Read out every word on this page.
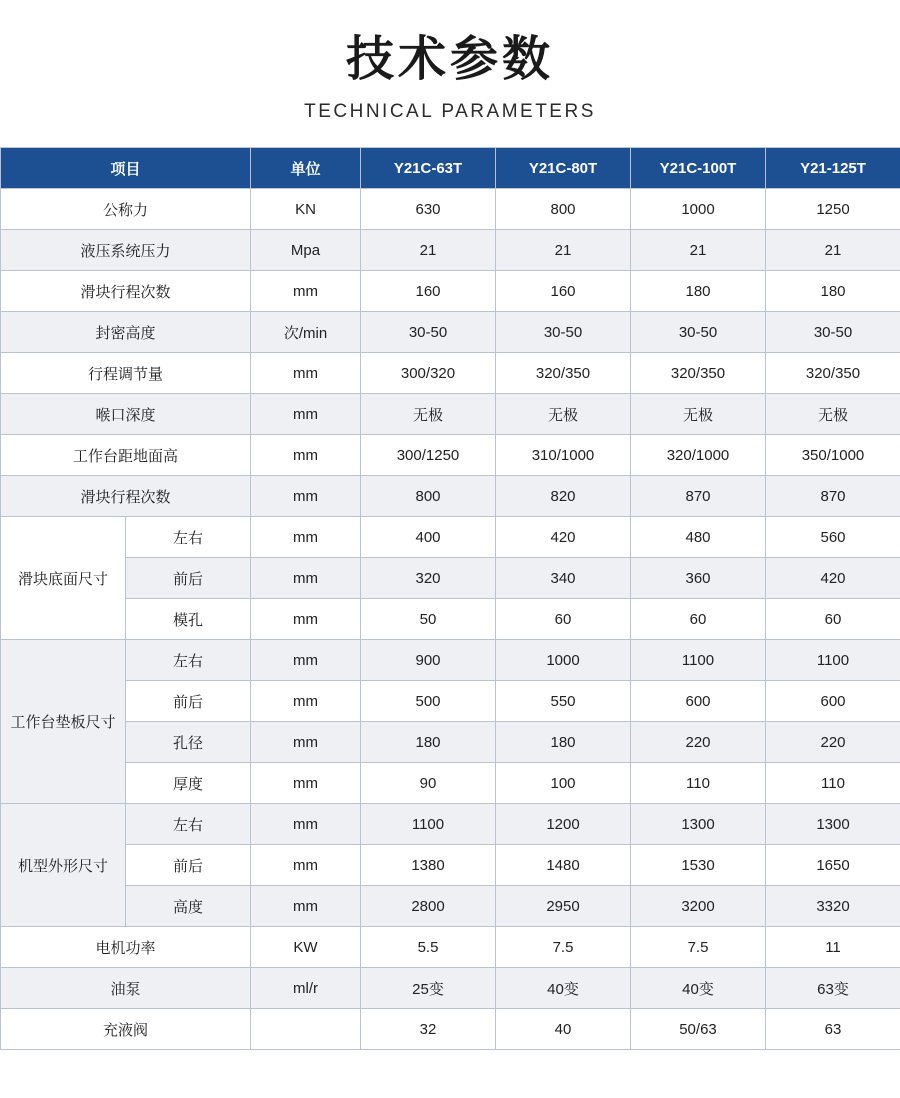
技术参数
TECHNICAL PARAMETERS
项目		单位	Y21C-63T	Y21C-80T	Y21C-100T	Y21-125T
公称力		KN	630	800	1000	1250
液压系统压力		Mpa	21	21	21	21
滑块行程次数		mm	160	160	180	180
封密高度		次/min	30-50	30-50	30-50	30-50
行程调节量		mm	300/320	320/350	320/350	320/350
喉口深度		mm	无极	无极	无极	无极
工作台距地面高		mm	300/1250	310/1000	320/1000	350/1000
滑块行程次数		mm	800	820	870	870
滑块底面尺寸	左右	mm	400	420	480	560
	前后	mm	320	340	360	420
	模孔	mm	50	60	60	60
工作台垫板尺寸	左右	mm	900	1000	1100	1100
	前后	mm	500	550	600	600
	孔径	mm	180	180	220	220
	厚度	mm	90	100	110	110
机型外形尺寸	左右	mm	1100	1200	1300	1300
	前后	mm	1380	1480	1530	1650
	高度	mm	2800	2950	3200	3320
电机功率		KW	5.5	7.5	7.5	11
油泵		ml/r	25变	40变	40变	63变
充液阀			32	40	50/63	63
